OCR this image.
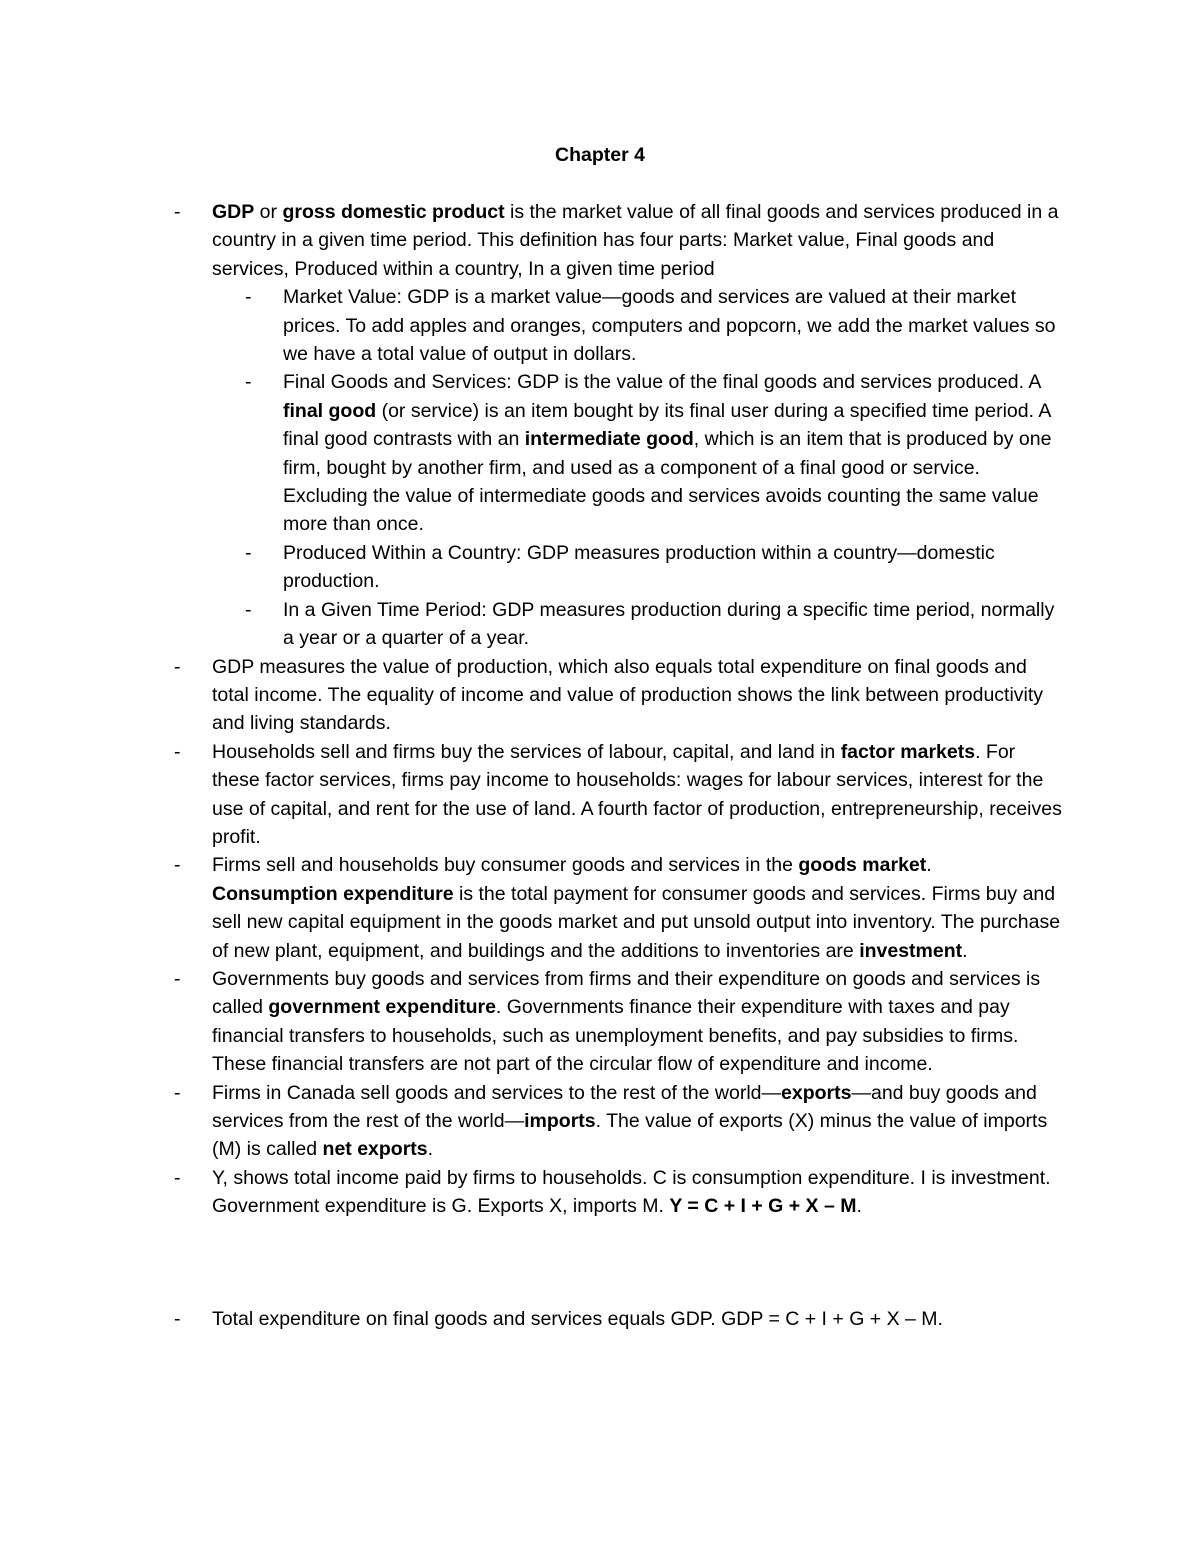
Chapter 4
- GDP or gross domestic product is the market value of all final goods and services produced in a country in a given time period. This definition has four parts: Market value, Final goods and services, Produced within a country, In a given time period
- Market Value: GDP is a market value—goods and services are valued at their market prices. To add apples and oranges, computers and popcorn, we add the market values so we have a total value of output in dollars.
- Final Goods and Services: GDP is the value of the final goods and services produced. A final good (or service) is an item bought by its final user during a specified time period. A final good contrasts with an intermediate good, which is an item that is produced by one firm, bought by another firm, and used as a component of a final good or service. Excluding the value of intermediate goods and services avoids counting the same value more than once.
- Produced Within a Country: GDP measures production within a country—domestic production.
- In a Given Time Period: GDP measures production during a specific time period, normally a year or a quarter of a year.
- GDP measures the value of production, which also equals total expenditure on final goods and total income. The equality of income and value of production shows the link between productivity and living standards.
- Households sell and firms buy the services of labour, capital, and land in factor markets. For these factor services, firms pay income to households: wages for labour services, interest for the use of capital, and rent for the use of land. A fourth factor of production, entrepreneurship, receives profit.
- Firms sell and households buy consumer goods and services in the goods market. Consumption expenditure is the total payment for consumer goods and services. Firms buy and sell new capital equipment in the goods market and put unsold output into inventory. The purchase of new plant, equipment, and buildings and the additions to inventories are investment.
- Governments buy goods and services from firms and their expenditure on goods and services is called government expenditure. Governments finance their expenditure with taxes and pay financial transfers to households, such as unemployment benefits, and pay subsidies to firms. These financial transfers are not part of the circular flow of expenditure and income.
- Firms in Canada sell goods and services to the rest of the world—exports—and buy goods and services from the rest of the world—imports. The value of exports (X) minus the value of imports (M) is called net exports.
- Y, shows total income paid by firms to households. C is consumption expenditure. I is investment. Government expenditure is G. Exports X, imports M. Y = C + I + G + X – M.
- Total expenditure on final goods and services equals GDP. GDP = C + I + G + X – M.
